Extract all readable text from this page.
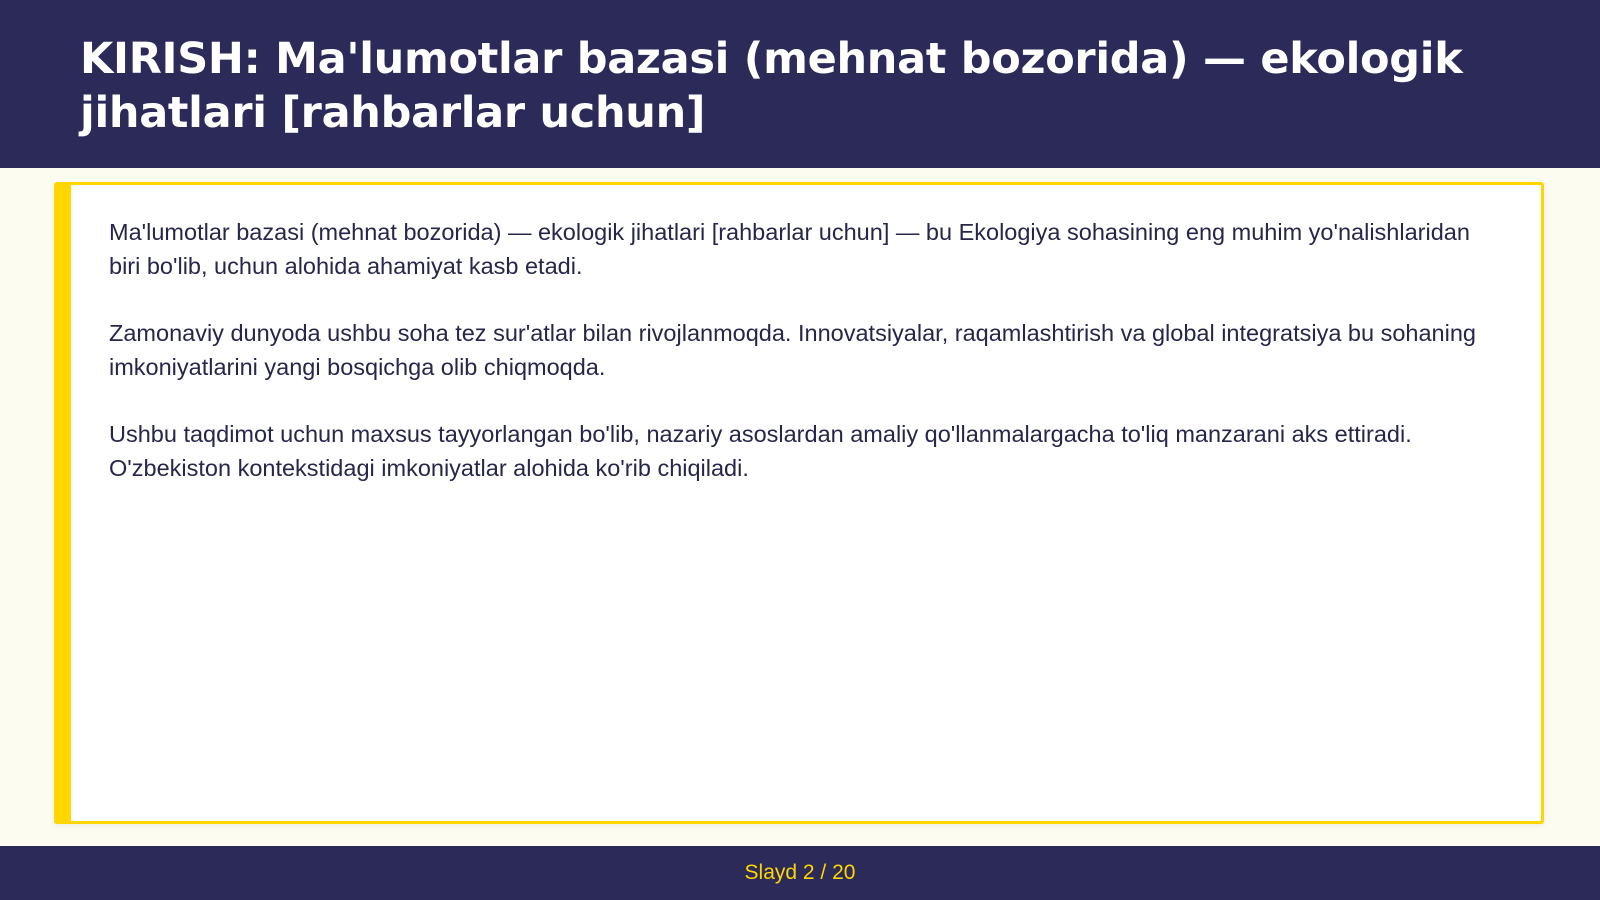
KIRISH: Ma'lumotlar bazasi (mehnat bozorida) — ekologik jihatlari [rahbarlar uchun]

Ma'lumotlar bazasi (mehnat bozorida) — ekologik jihatlari [rahbarlar uchun] — bu Ekologiya sohasining eng muhim yo'nalishlaridan biri bo'lib, uchun alohida ahamiyat kasb etadi.

Zamonaviy dunyoda ushbu soha tez sur'atlar bilan rivojlanmoqda. Innovatsiyalar, raqamlashtirish va global integratsiya bu sohaning imkoniyatlarini yangi bosqichga olib chiqmoqda.

Ushbu taqdimot uchun maxsus tayyorlangan bo'lib, nazariy asoslardan amaliy qo'llanmalargacha to'liq manzarani aks ettiradi. O'zbekiston kontekstidagi imkoniyatlar alohida ko'rib chiqiladi.

Slayd 2 / 20
